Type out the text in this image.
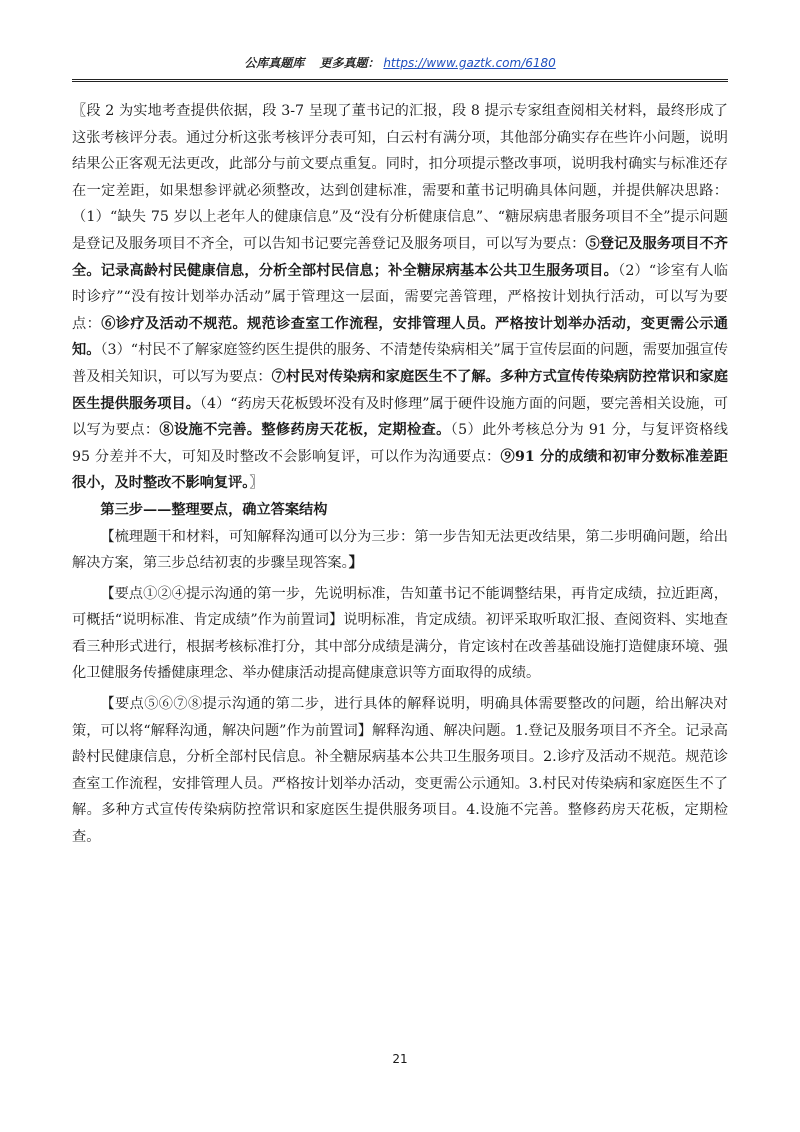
公库真题库 更多真题： https://www.gaztk.com/6180

〖段 2 为实地考查提供依据，段 3-7 呈现了董书记的汇报，段 8 提示专家组查阅相关材料，最终形成了这张考核评分表。通过分析这张考核评分表可知，白云村有满分项，其他部分确实存在些许小问题，说明结果公正客观无法更改，此部分与前文要点重复。同时，扣分项提示整改事项，说明我村确实与标准还存在一定差距，如果想参评就必须整改，达到创建标准，需要和董书记明确具体问题，并提供解决思路：（1）“缺失 75 岁以上老年人的健康信息”及“没有分析健康信息”、“糖尿病患者服务项目不全”提示问题是登记及服务项目不齐全，可以告知书记要完善登记及服务项目，可以写为要点：⑤登记及服务项目不齐全。记录高龄村民健康信息，分析全部村民信息；补全糖尿病基本公共卫生服务项目。（2）“诊室有人临时诊疗”“没有按计划举办活动”属于管理这一层面，需要完善管理，严格按计划执行活动，可以写为要点：⑥诊疗及活动不规范。规范诊查室工作流程，安排管理人员。严格按计划举办活动，变更需公示通知。（3）“村民不了解家庭签约医生提供的服务、不清楚传染病相关”属于宣传层面的问题，需要加强宣传普及相关知识，可以写为要点：⑦村民对传染病和家庭医生不了解。多种方式宣传传染病防控常识和家庭医生提供服务项目。（4）“药房天花板毁坏没有及时修理”属于硬件设施方面的问题，要完善相关设施，可以写为要点：⑧设施不完善。整修药房天花板，定期检查。（5）此外考核总分为 91 分，与复评资格线 95 分差并不大，可知及时整改不会影响复评，可以作为沟通要点：⑨91 分的成绩和初审分数标准差距很小，及时整改不影响复评。〗

第三步——整理要点，确立答案结构

【梳理题干和材料，可知解释沟通可以分为三步：第一步告知无法更改结果，第二步明确问题，给出解决方案，第三步总结初衷的步骤呈现答案。】

【要点①②④提示沟通的第一步，先说明标准，告知董书记不能调整结果，再肯定成绩，拉近距离，可概括“说明标准、肯定成绩”作为前置词】说明标准，肯定成绩。初评采取听取汇报、查阅资料、实地查看三种形式进行，根据考核标准打分，其中部分成绩是满分，肯定该村在改善基础设施打造健康环境、强化卫健服务传播健康理念、举办健康活动提高健康意识等方面取得的成绩。

【要点⑤⑥⑦⑧提示沟通的第二步，进行具体的解释说明，明确具体需要整改的问题，给出解决对策，可以将“解释沟通，解决问题”作为前置词】解释沟通、解决问题。1.登记及服务项目不齐全。记录高龄村民健康信息，分析全部村民信息。补全糖尿病基本公共卫生服务项目。2.诊疗及活动不规范。规范诊查室工作流程，安排管理人员。严格按计划举办活动，变更需公示通知。3.村民对传染病和家庭医生不了解。多种方式宣传传染病防控常识和家庭医生提供服务项目。4.设施不完善。整修药房天花板，定期检查。

21
